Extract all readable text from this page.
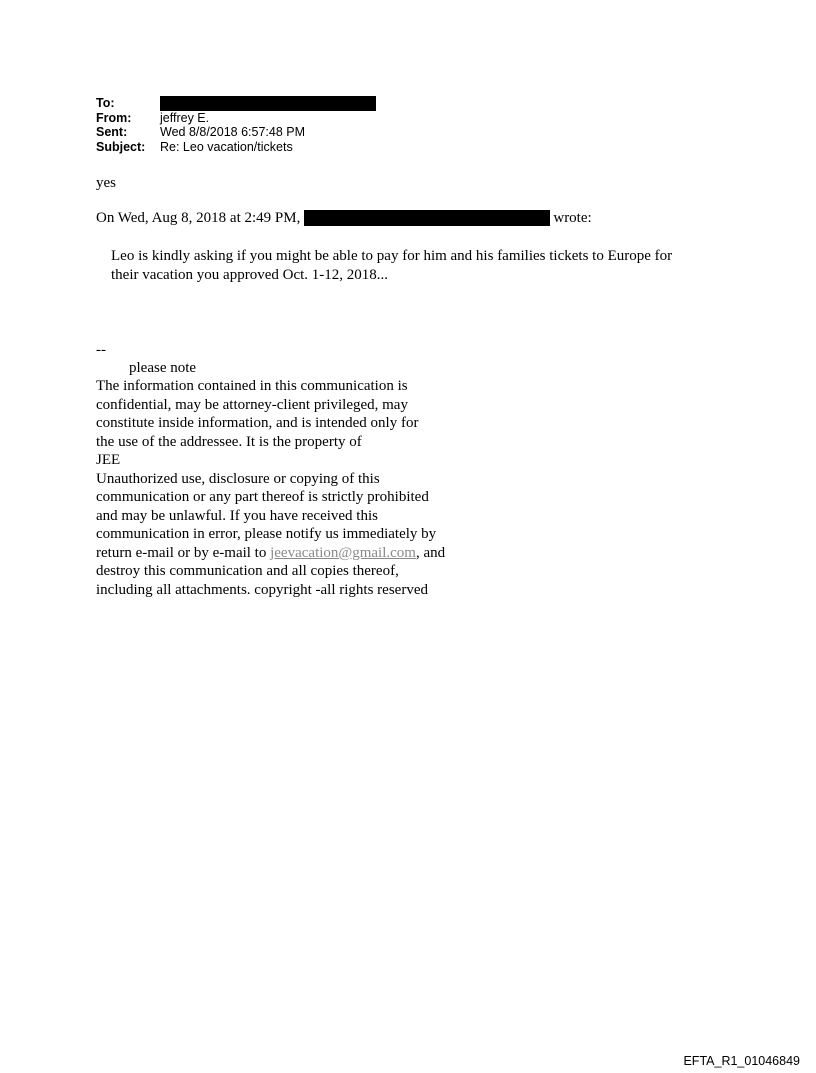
To:
From:	jeffrey E.
Sent:	Wed 8/8/2018 6:57:48 PM
Subject:	Re: Leo vacation/tickets
yes
On Wed, Aug 8, 2018 at 2:49 PM,	wrote:
Leo is kindly asking if you might be able to pay for him and his families tickets to Europe for
their vacation you approved Oct. 1-12, 2018...
--
please note
The information contained in this communication is
confidential, may be attorney-client privileged, may
constitute inside information, and is intended only for
the use of the addressee. It is the property of
JEE
Unauthorized use, disclosure or copying of this
communication or any part thereof is strictly prohibited
and may be unlawful. If you have received this
communication in error, please notify us immediately by
return e-mail or by e-mail to jeevacation@gmail.com, and
destroy this communication and all copies thereof,
including all attachments. copyright -all rights reserved
EFTA_R1_01046849
